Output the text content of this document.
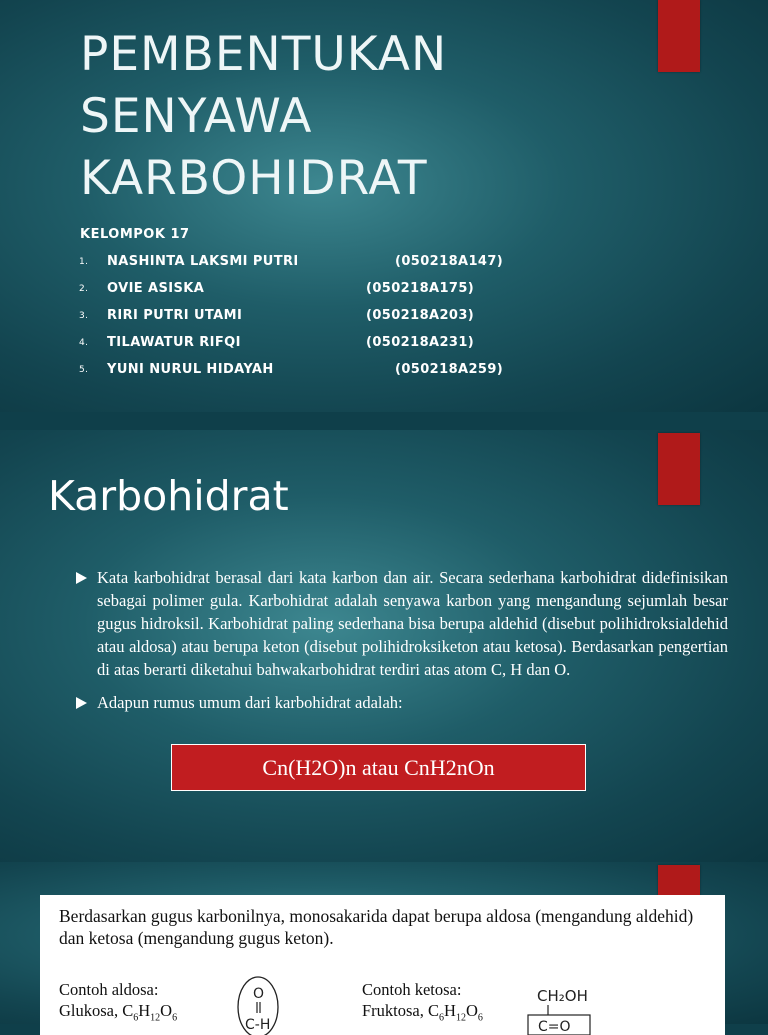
PEMBENTUKAN
SENYAWA
KARBOHIDRAT
KELOMPOK 17
1. NASHINTA LAKSMI PUTRI	(050218A147)
2. OVIE ASISKA	(050218A175)
3. RIRI PUTRI UTAMI	(050218A203)
4. TILAWATUR RIFQI	(050218A231)
5. YUNI NURUL HIDAYAH	(050218A259)
Karbohidrat
Kata karbohidrat berasal dari kata karbon dan air. Secara sederhana karbohidrat didefinisikan sebagai polimer gula. Karbohidrat adalah senyawa karbon yang mengandung sejumlah besar gugus hidroksil. Karbohidrat paling sederhana bisa berupa aldehid (disebut polihidroksialdehid atau aldosa) atau berupa keton (disebut polihidroksiketon atau ketosa). Berdasarkan pengertian di atas berarti diketahui bahwakarbohidrat terdiri atas atom C, H dan O.
Adapun rumus umum dari karbohidrat adalah:
Cn(H2O)n atau CnH2nOn
Berdasarkan gugus karbonilnya, monosakarida dapat berupa aldosa (mengandung aldehid) dan ketosa (mengandung gugus keton).
Contoh aldosa:
Glukosa, $C_6H_{12}O_6$
O
C-H
Contoh ketosa:
Fruktosa, $C_6H_{12}O_6$
CH₂OH
C=O
